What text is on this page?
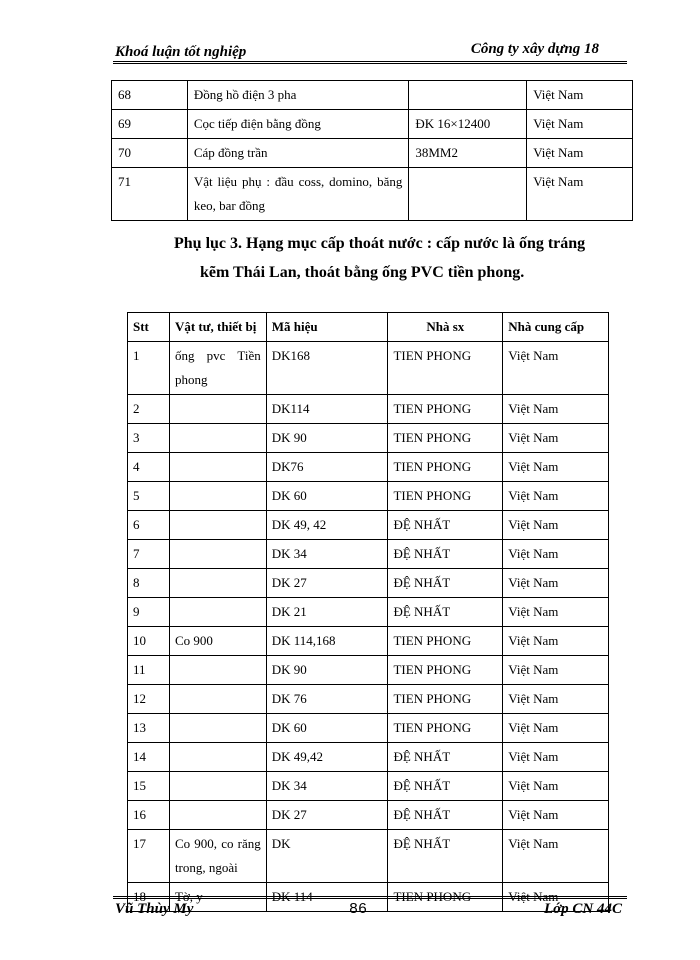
Khoá luận tốt nghiệp	Công ty xây dựng 18
68	Đồng hồ điện 3 pha		Việt Nam
69	Cọc tiếp điện bằng đồng	ĐK 16×12400	Việt Nam
70	Cáp đồng trần	38MM2	Việt Nam
71	Vật liệu phụ : đầu coss, domino, băng keo, bar đồng		Việt Nam
Phụ lục 3. Hạng mục cấp thoát nước : cấp nước là ống tráng
kẽm Thái Lan, thoát bằng ống PVC tiền phong.
Stt	Vật tư, thiết bị	Mã hiệu	Nhà sx	Nhà cung cấp
1	ống pvc Tiền phong	DK168	TIEN PHONG	Việt Nam
2		DK114	TIEN PHONG	Việt Nam
3		DK 90	TIEN PHONG	Việt Nam
4		DK76	TIEN PHONG	Việt Nam
5		DK 60	TIEN PHONG	Việt Nam
6		DK 49, 42	ĐỆ NHẤT	Việt Nam
7		DK 34	ĐỆ NHẤT	Việt Nam
8		DK 27	ĐỆ NHẤT	Việt Nam
9		DK 21	ĐỆ NHẤT	Việt Nam
10	Co 900	DK 114,168	TIEN PHONG	Việt Nam
11		DK 90	TIEN PHONG	Việt Nam
12		DK 76	TIEN PHONG	Việt Nam
13		DK 60	TIEN PHONG	Việt Nam
14		DK 49,42	ĐỆ NHẤT	Việt Nam
15		DK 34	ĐỆ NHẤT	Việt Nam
16		DK 27	ĐỆ NHẤT	Việt Nam
17	Co 900, co răng trong, ngoài	DK	ĐỆ NHẤT	Việt Nam
18	Tờ, y	DK 114	TIEN PHONG	Việt Nam
Vũ Thùy My	86	Lớp CN 44C
